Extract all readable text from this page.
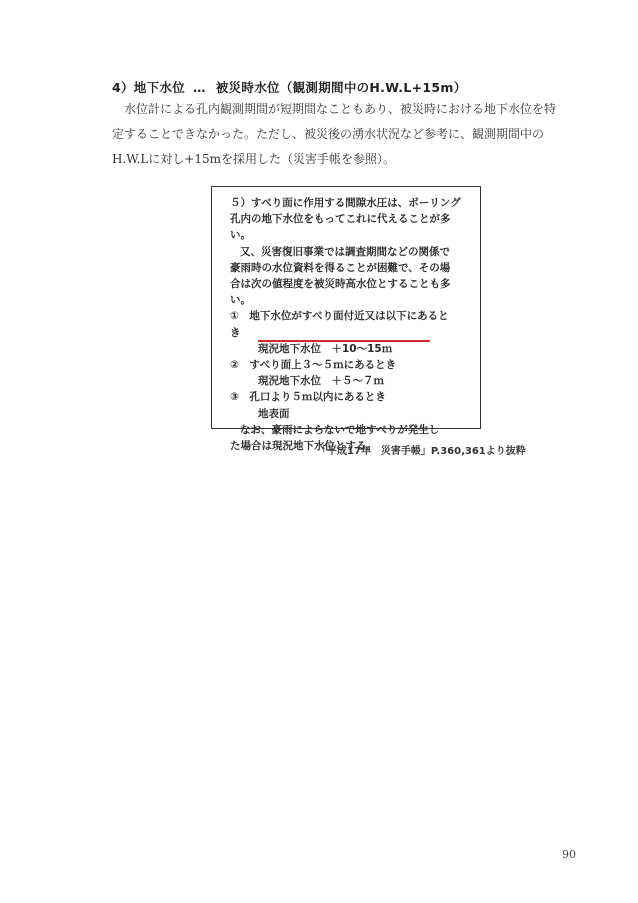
4）地下水位 … 被災時水位（観測期間中のH.W.L+15m）

水位計による孔内観測期間が短期間なこともあり、被災時における地下水位を特

定することできなかった。ただし、被災後の湧水状況など参考に、観測期間中の

H.W.Lに対し+15mを採用した（災害手帳を参照）。

５）すべり面に作用する間隙水圧は、ボーリング
孔内の地下水位をもってこれに代えることが多
い。
又、災害復旧事業では調査期間などの関係で
豪雨時の水位資料を得ることが困難で、その場
合は次の値程度を被災時高水位とすることも多
い。
①　地下水位がすべり面付近又は以下にあると
き
現況地下水位　＋10〜15ｍ
②　すべり面上３〜５ｍにあるとき
現況地下水位　＋５〜７ｍ
③　孔口より５ｍ以内にあるとき
地表面
なお、豪雨によらないで地すべりが発生し
た場合は現況地下水位とする。
「平成17年　災害手帳」P.360,361より抜粋
90
